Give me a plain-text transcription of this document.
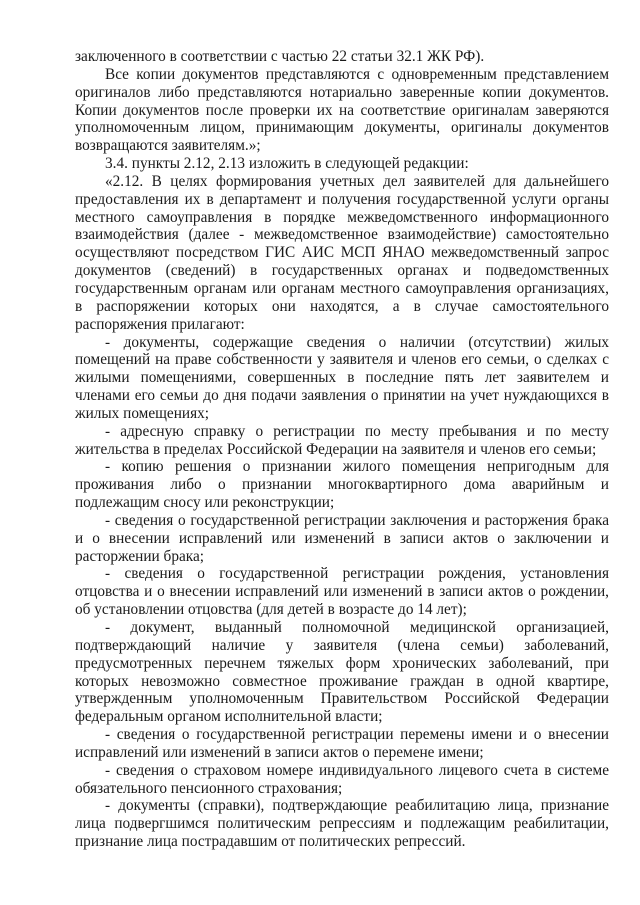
заключенного в соответствии с частью 22 статьи 32.1 ЖК РФ).

Все копии документов представляются с одновременным представлением оригиналов либо представляются нотариально заверенные копии документов. Копии документов после проверки их на соответствие оригиналам заверяются уполномоченным лицом, принимающим документы, оригиналы документов возвращаются заявителям.»;

3.4. пункты 2.12, 2.13 изложить в следующей редакции:

«2.12. В целях формирования учетных дел заявителей для дальнейшего предоставления их в департамент и получения государственной услуги органы местного самоуправления в порядке межведомственного информационного взаимодействия (далее - межведомственное взаимодействие) самостоятельно осуществляют посредством ГИС АИС МСП ЯНАО межведомственный запрос документов (сведений) в государственных органах и подведомственных государственным органам или органам местного самоуправления организациях, в распоряжении которых они находятся, а в случае самостоятельного распоряжения прилагают:

- документы, содержащие сведения о наличии (отсутствии) жилых помещений на праве собственности у заявителя и членов его семьи, о сделках с жилыми помещениями, совершенных в последние пять лет заявителем и членами его семьи до дня подачи заявления о принятии на учет нуждающихся в жилых помещениях;

- адресную справку о регистрации по месту пребывания и по месту жительства в пределах Российской Федерации на заявителя и членов его семьи;

- копию решения о признании жилого помещения непригодным для проживания либо о признании многоквартирного дома аварийным и подлежащим сносу или реконструкции;

- сведения о государственной регистрации заключения и расторжения брака и о внесении исправлений или изменений в записи актов о заключении и расторжении брака;

- сведения о государственной регистрации рождения, установления отцовства и о внесении исправлений или изменений в записи актов о рождении, об установлении отцовства (для детей в возрасте до 14 лет);

- документ, выданный полномочной медицинской организацией, подтверждающий наличие у заявителя (члена семьи) заболеваний, предусмотренных перечнем тяжелых форм хронических заболеваний, при которых невозможно совместное проживание граждан в одной квартире, утвержденным уполномоченным Правительством Российской Федерации федеральным органом исполнительной власти;

- сведения о государственной регистрации перемены имени и о внесении исправлений или изменений в записи актов о перемене имени;

- сведения о страховом номере индивидуального лицевого счета в системе обязательного пенсионного страхования;

- документы (справки), подтверждающие реабилитацию лица, признание лица подвергшимся политическим репрессиям и подлежащим реабилитации, признание лица пострадавшим от политических репрессий.
